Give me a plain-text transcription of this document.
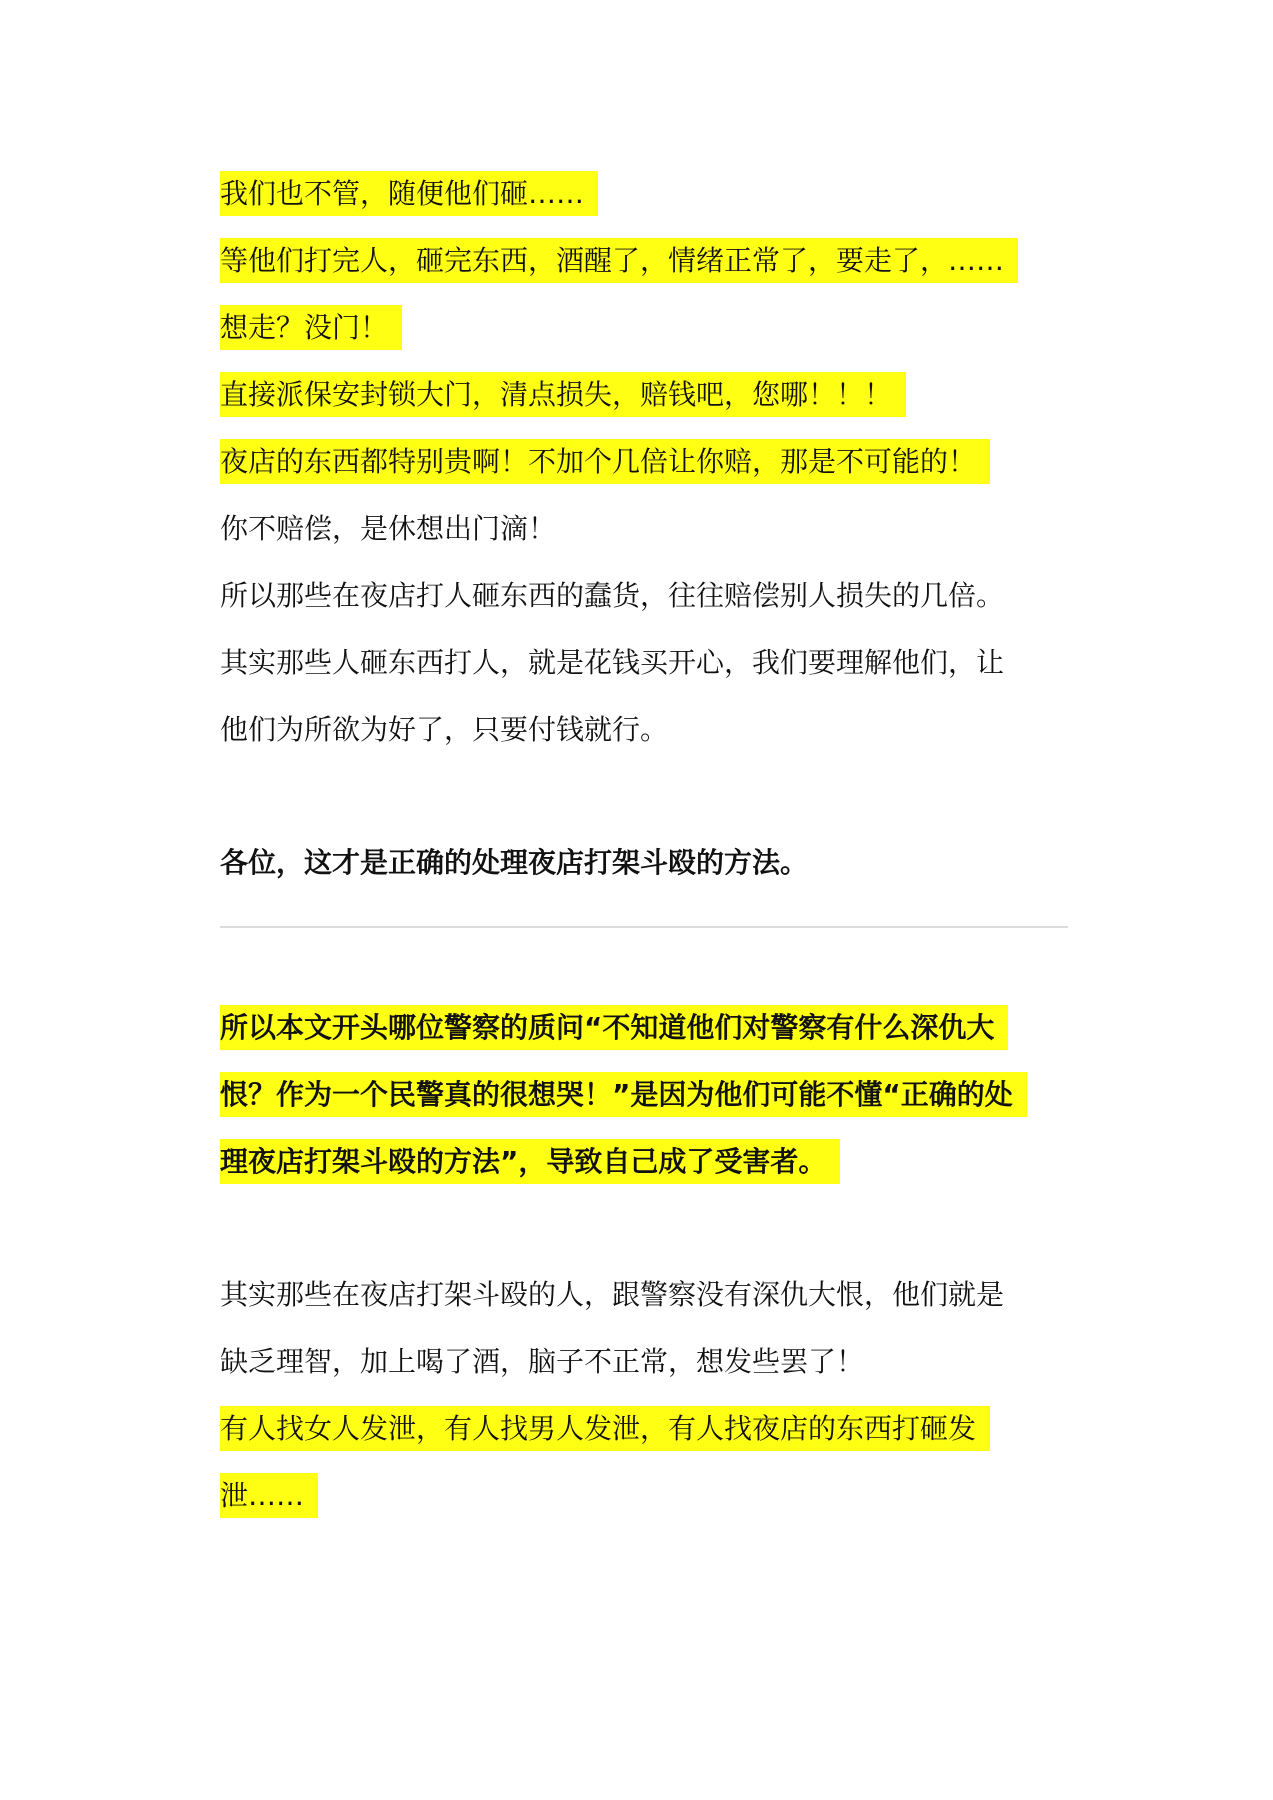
我们也不管，随便他们砸……
等他们打完人，砸完东西，酒醒了，情绪正常了，要走了，……
想走？没门！
直接派保安封锁大门，清点损失，赔钱吧，您哪！！！
夜店的东西都特别贵啊！不加个几倍让你赔，那是不可能的！
你不赔偿，是休想出门滴！
所以那些在夜店打人砸东西的蠢货，往往赔偿别人损失的几倍。
其实那些人砸东西打人，就是花钱买开心，我们要理解他们，让
他们为所欲为好了，只要付钱就行。
各位，这才是正确的处理夜店打架斗殴的方法。
所以本文开头哪位警察的质问“不知道他们对警察有什么深仇大
恨？作为一个民警真的很想哭！”是因为他们可能不懂“正确的处
理夜店打架斗殴的方法”，导致自己成了受害者。
其实那些在夜店打架斗殴的人，跟警察没有深仇大恨，他们就是
缺乏理智，加上喝了酒，脑子不正常，想发些罢了！
有人找女人发泄，有人找男人发泄，有人找夜店的东西打砸发
泄……
